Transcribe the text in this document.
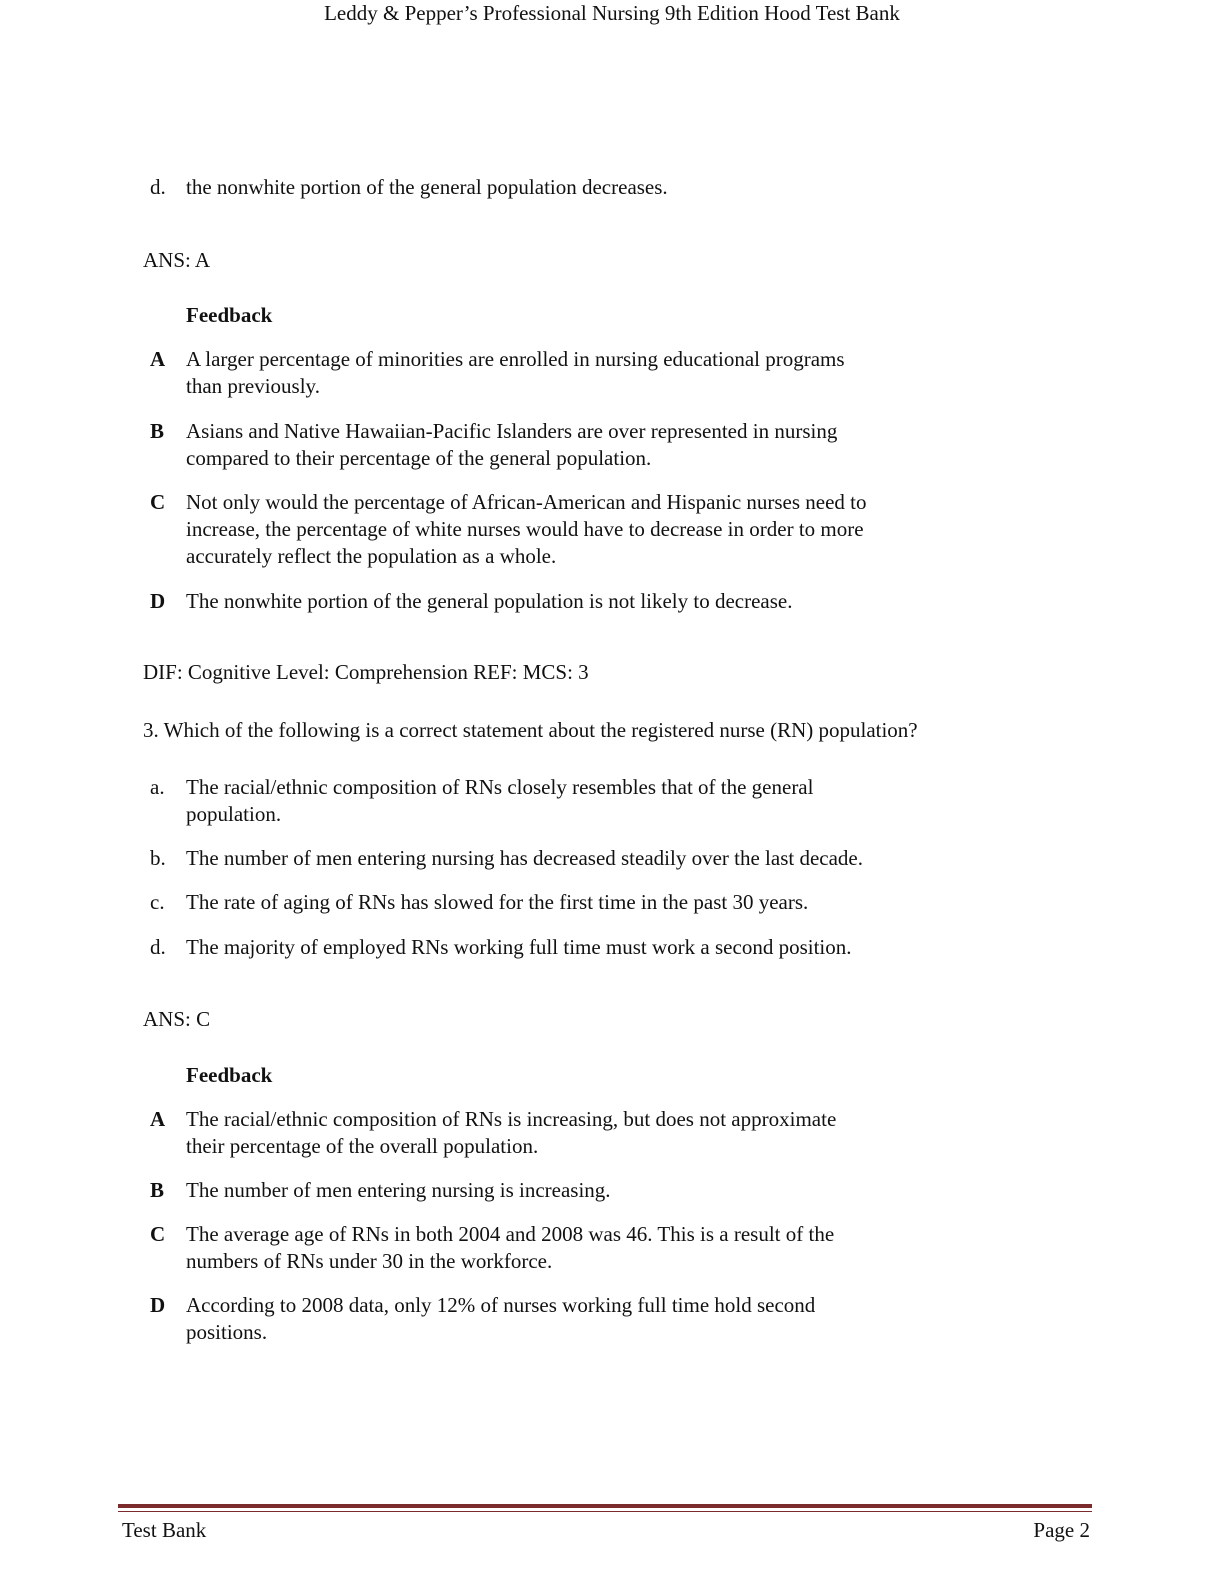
Leddy & Pepper’s Professional Nursing 9th Edition Hood Test Bank
d. the nonwhite portion of the general population decreases.
ANS: A
Feedback
A A larger percentage of minorities are enrolled in nursing educational programs
than previously.
B	Asians and Native Hawaiian-Pacific Islanders are over represented in nursing
compared to their percentage of the general population.
C Not only would the percentage of African-American and Hispanic nurses need to
increase, the percentage of white nurses would have to decrease in order to more
accurately reflect the population as a whole.
D The nonwhite portion of the general population is not likely to decrease.
DIF: Cognitive Level: Comprehension REF: MCS: 3
3. Which of the following is a correct statement about the registered nurse (RN) population?
a.	The racial/ethnic composition of RNs closely resembles that of the general
population.
b. The number of men entering nursing has decreased steadily over the last decade.
c.	The rate of aging of RNs has slowed for the first time in the past 30 years.
d. The majority of employed RNs working full time must work a second position.
ANS: C
Feedback
A The racial/ethnic composition of RNs is increasing, but does not approximate
their percentage of the overall population.
B	The number of men entering nursing is increasing.
C The average age of RNs in both 2004 and 2008 was 46. This is a result of the
numbers of RNs under 30 in the workforce.
D According to 2008 data, only 12% of nurses working full time hold second
positions.
Test Bank	Page 2
